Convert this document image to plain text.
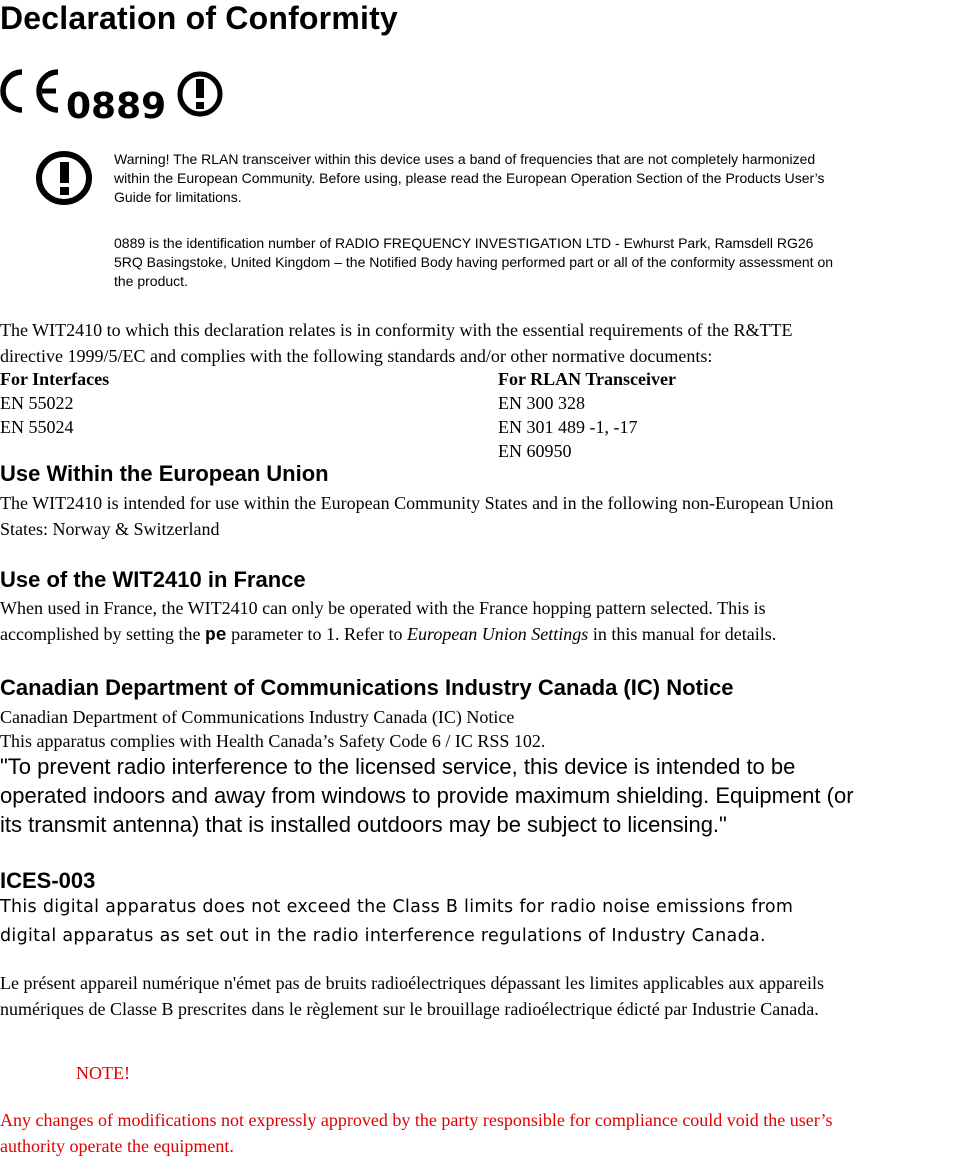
Declaration of Conformity
0889
Warning! The RLAN transceiver within this device uses a band of frequencies that are not completely harmonized
within the European Community. Before using, please read the European Operation Section of the Products User’s
Guide for limitations.
0889 is the identification number of RADIO FREQUENCY INVESTIGATION LTD - Ewhurst Park, Ramsdell RG26
5RQ Basingstoke, United Kingdom – the Notified Body having performed part or all of the conformity assessment on
the product.
The WIT2410 to which this declaration relates is in conformity with the essential requirements of the R&TTE
directive 1999/5/EC and complies with the following standards and/or other normative documents:
For Interfaces
EN 55022
EN 55024
For RLAN Transceiver
EN 300 328
EN 301 489 -1, -17
EN 60950
Use Within the European Union
The WIT2410 is intended for use within the European Community States and in the following non-European Union
States: Norway & Switzerland
Use of the WIT2410 in France
When used in France, the WIT2410 can only be operated with the France hopping pattern selected. This is
accomplished by setting the pe parameter to 1. Refer to European Union Settings in this manual for details.
Canadian Department of Communications Industry Canada (IC) Notice
Canadian Department of Communications Industry Canada (IC) Notice
This apparatus complies with Health Canada’s Safety Code 6 / IC RSS 102.
"To prevent radio interference to the licensed service, this device is intended to be
operated indoors and away from windows to provide maximum shielding. Equipment (or
its transmit antenna) that is installed outdoors may be subject to licensing."
ICES-003
This digital apparatus does not exceed the Class B limits for radio noise emissions from
digital apparatus as set out in the radio interference regulations of Industry Canada.
Le présent appareil numérique n'émet pas de bruits radioélectriques dépassant les limites applicables aux appareils
numériques de Classe B prescrites dans le règlement sur le brouillage radioélectrique édicté par Industrie Canada.
NOTE!
Any changes of modifications not expressly approved by the party responsible for compliance could void the user’s
authority operate the equipment.
